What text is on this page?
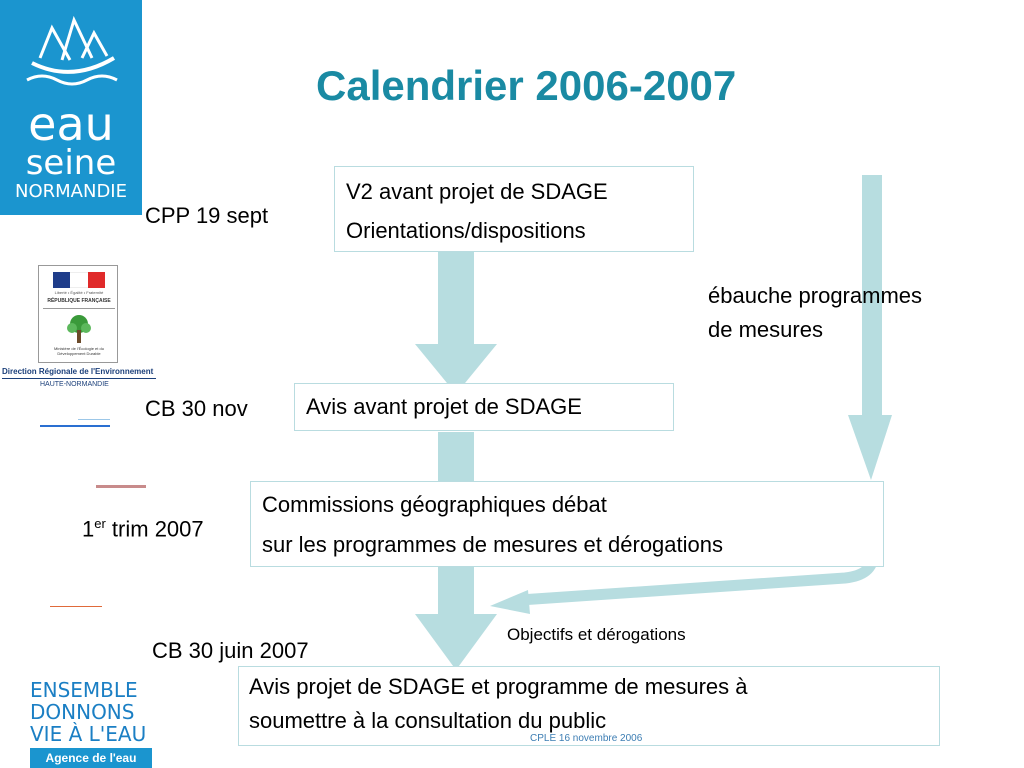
Calendrier 2006-2007
eau
seine
NORMANDIE
Liberté • Égalité • Fraternité
RÉPUBLIQUE FRANÇAISE
Ministère de l'Écologie et du Développement Durable
Direction Régionale de l'Environnement
HAUTE-NORMANDIE
CPP 19 sept
V2 avant projet de SDAGE
Orientations/dispositions
ébauche programmes
de mesures
CB 30 nov	Avis avant projet de SDAGE
1er trim 2007
Commissions géographiques débat
sur les programmes de mesures et dérogations
Objectifs et dérogations
CB 30 juin 2007
Avis projet de SDAGE et programme de mesures à
soumettre à la consultation du public
CPLE 16 novembre 2006
ENSEMBLE
DONNONS
VIE À L'EAU
Agence de l'eau
